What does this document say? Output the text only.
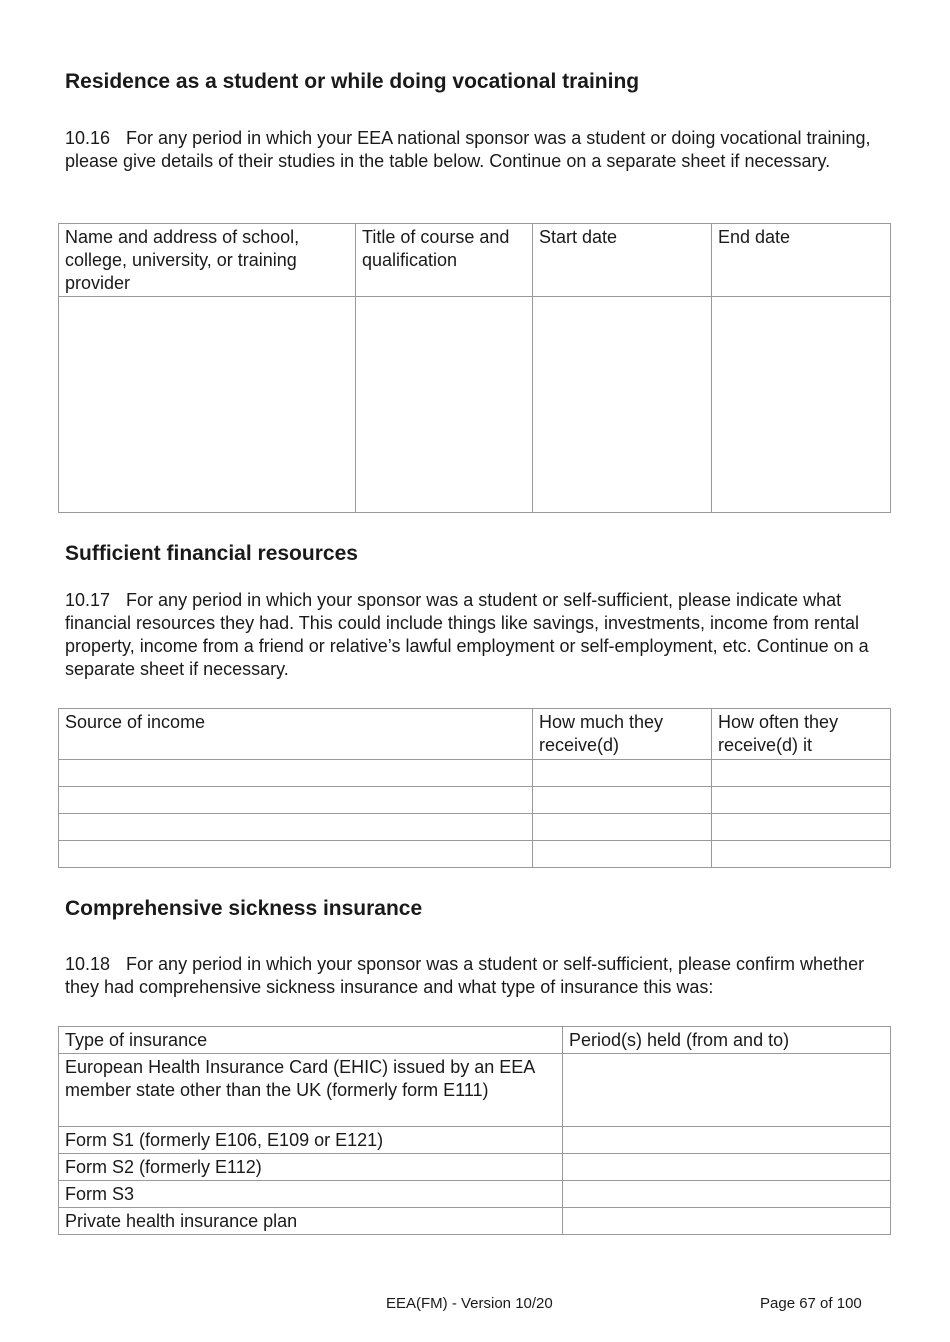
Residence as a student or while doing vocational training

10.16 For any period in which your EEA national sponsor was a student or doing vocational training, please give details of their studies in the table below. Continue on a separate sheet if necessary.

Name and address of school, college, university, or training provider	Title of course and qualification	Start date	End date

Sufficient financial resources

10.17 For any period in which your sponsor was a student or self-sufficient, please indicate what financial resources they had. This could include things like savings, investments, income from rental property, income from a friend or relative’s lawful employment or self-employment, etc. Continue on a separate sheet if necessary.

Source of income	How much they receive(d)	How often they receive(d) it

Comprehensive sickness insurance

10.18 For any period in which your sponsor was a student or self-sufficient, please confirm whether they had comprehensive sickness insurance and what type of insurance this was:

Type of insurance	Period(s) held (from and to)
European Health Insurance Card (EHIC) issued by an EEA member state other than the UK (formerly form E111)	
Form S1 (formerly E106, E109 or E121)	
Form S2 (formerly E112)	
Form S3	
Private health insurance plan	

EEA(FM) - Version 10/20	Page 67 of 100
